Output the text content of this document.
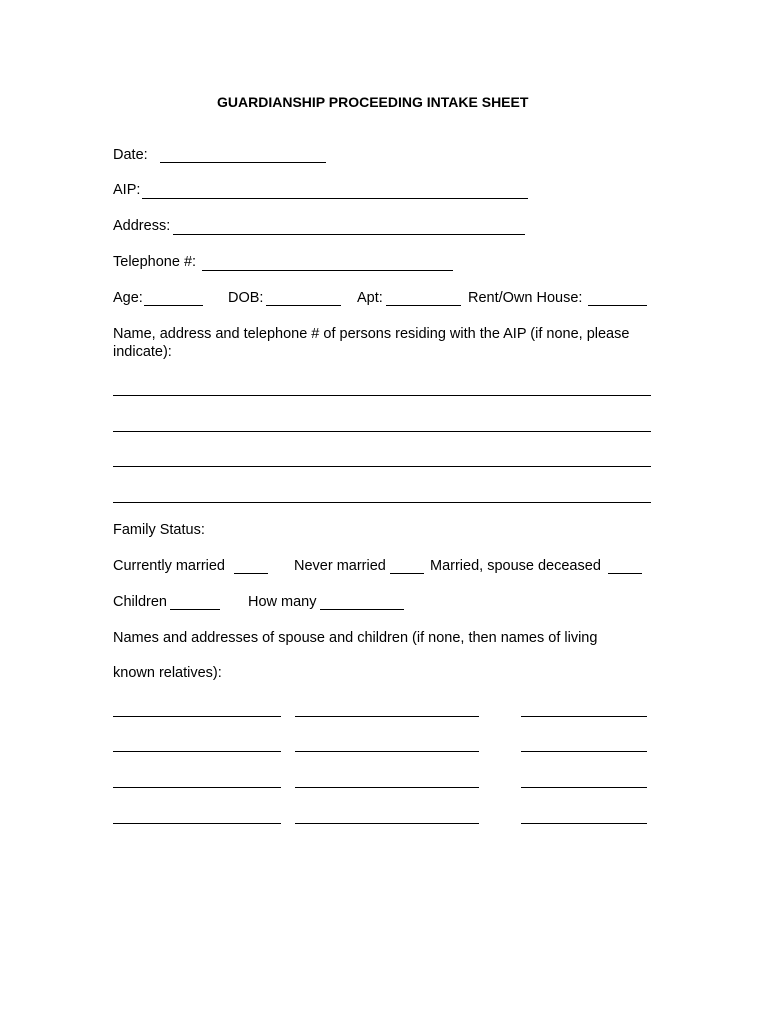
GUARDIANSHIP PROCEEDING INTAKE SHEET
Date:
AIP:
Address:
Telephone #:
Age:	DOB:	Apt:	Rent/Own House:
Name, address and telephone # of persons residing with the AIP (if none, please
indicate):
Family Status:
Currently married	Never married	Married, spouse deceased
Children	How many
Names and addresses of spouse and children (if none, then names of living
known relatives):
